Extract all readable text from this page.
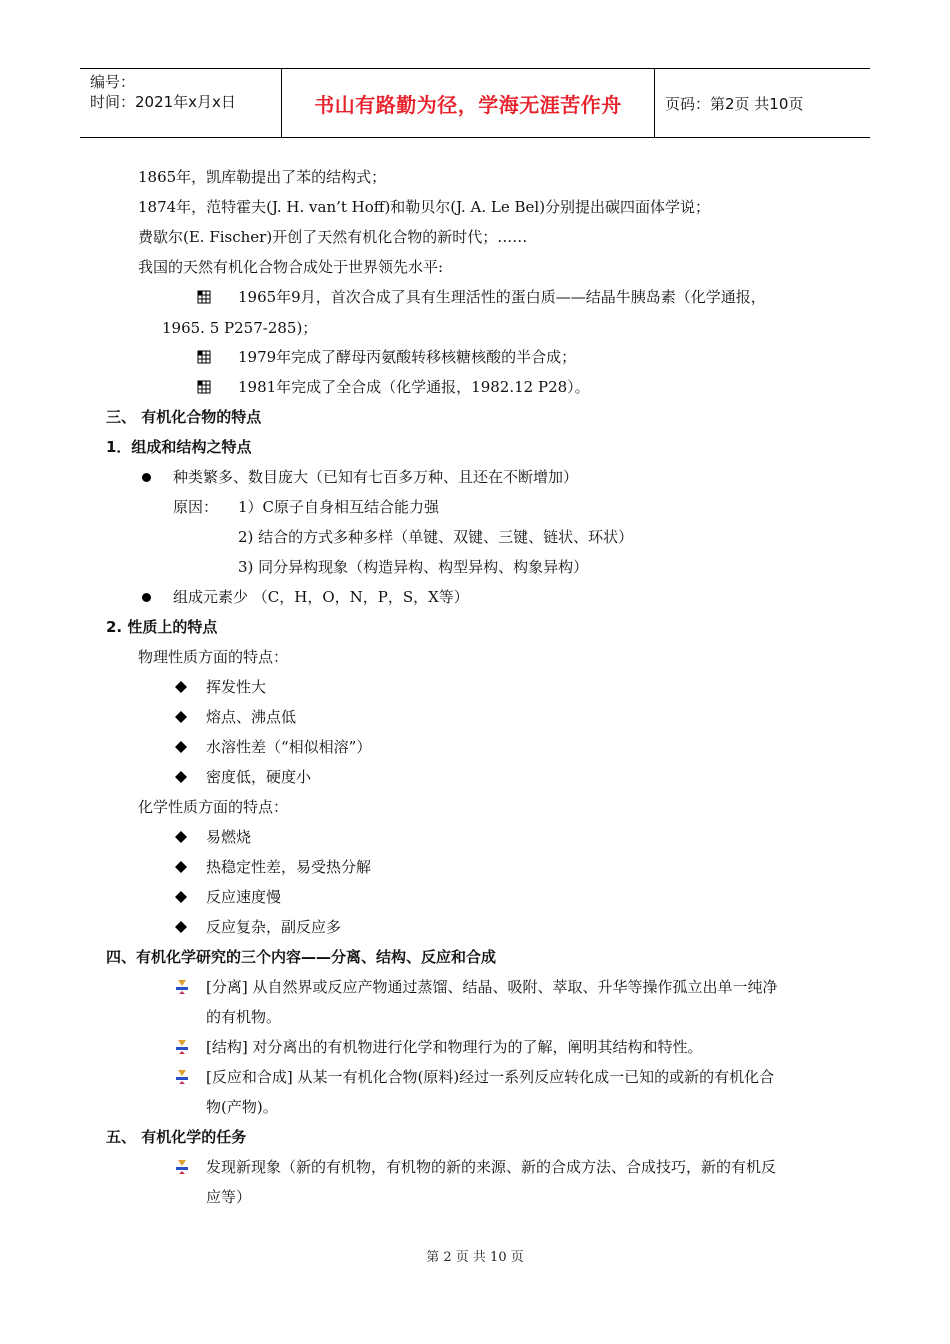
编号：
时间：2021年x月x日	书山有路勤为径，学海无涯苦作舟	页码：第2页 共10页
1865年，凯库勒提出了苯的结构式；
1874年，范特霍夫(J. H. van’t Hoff)和勒贝尔(J. A. Le Bel)分别提出碳四面体学说；
费歇尔(E. Fischer)开创了天然有机化合物的新时代；……
我国的天然有机化合物合成处于世界领先水平:
1965年9月，首次合成了具有生理活性的蛋白质——结晶牛胰岛素（化学通报，
1965. 5 P257-285)；
1979年完成了酵母丙氨酸转移核糖核酸的半合成；
1981年完成了全合成（化学通报，1982.12 P28）。
三、 有机化合物的特点
1．组成和结构之特点
种类繁多、数目庞大（已知有七百多万种、且还在不断增加）
原因： 1）C原子自身相互结合能力强
2) 结合的方式多种多样（单键、双键、三键、链状、环状）
3) 同分异构现象（构造异构、构型异构、构象异构）
组成元素少 （C，H，O，N，P，S，X等）
2. 性质上的特点
物理性质方面的特点：
挥发性大
熔点、沸点低
水溶性差（“相似相溶”）
密度低，硬度小
化学性质方面的特点：
易燃烧
热稳定性差，易受热分解
反应速度慢
反应复杂，副反应多
四、有机化学研究的三个内容——分离、结构、反应和合成
[分离] 从自然界或反应产物通过蒸馏、结晶、吸附、萃取、升华等操作孤立出单一纯净
的有机物。
[结构] 对分离出的有机物进行化学和物理行为的了解，阐明其结构和特性。
[反应和合成] 从某一有机化合物(原料)经过一系列反应转化成一已知的或新的有机化合
物(产物)。
五、 有机化学的任务
发现新现象（新的有机物，有机物的新的来源、新的合成方法、合成技巧，新的有机反
应等）
第 2 页 共 10 页
